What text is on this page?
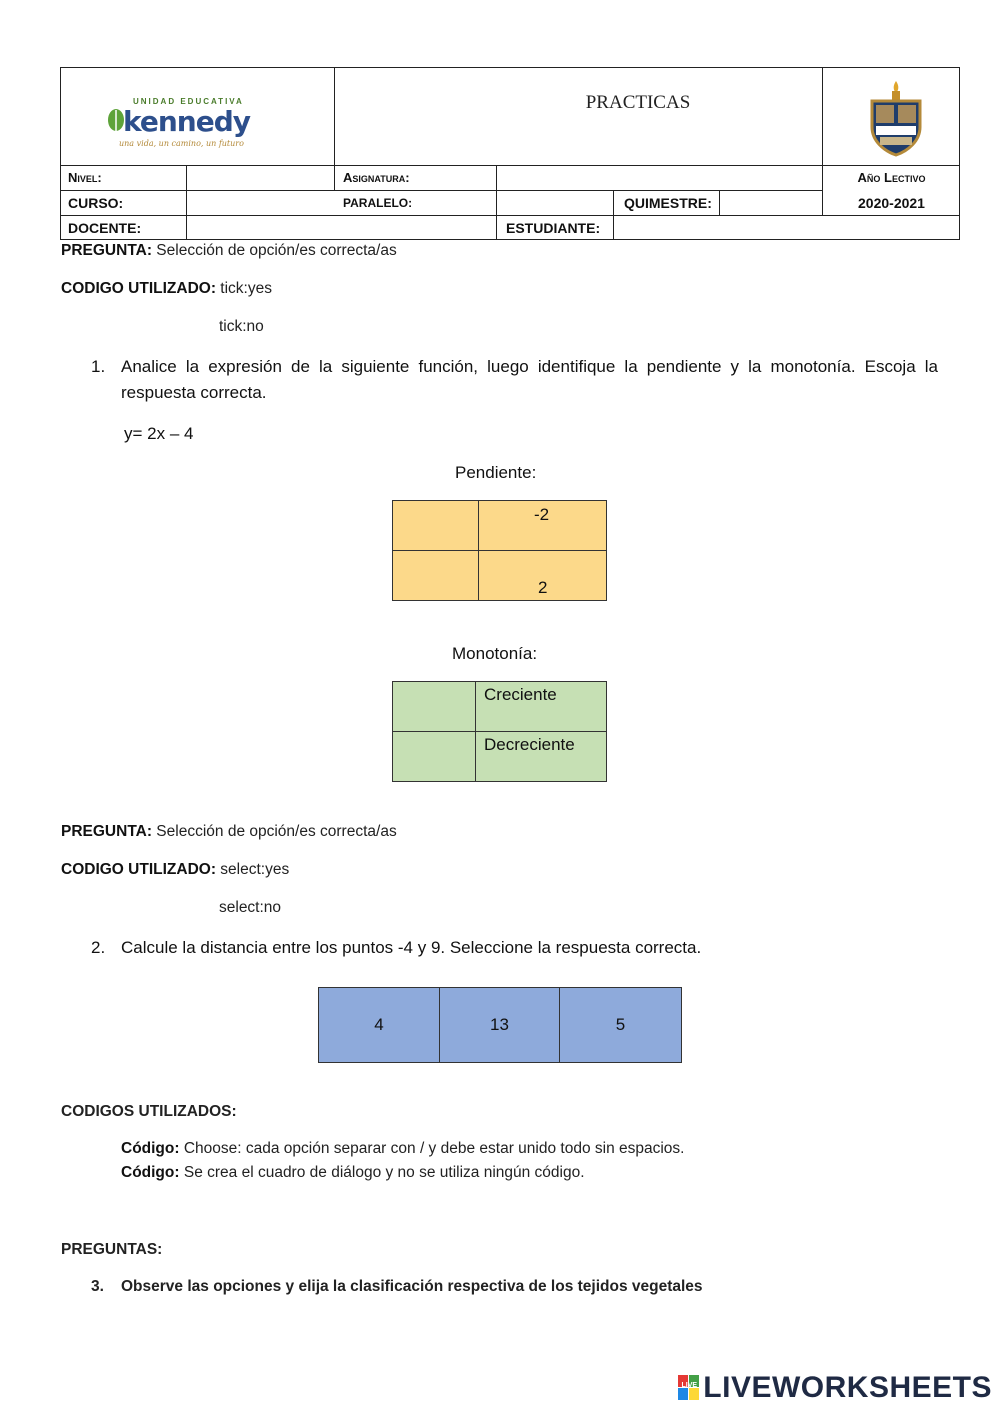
UNIDAD EDUCATIVA
kennedy
una vida, un camino, un futuro
PRACTICAS
Nivel:	Asignatura:	Año Lectivo
CURSO:	PARALELO:	QUIMESTRE:	2020-2021
DOCENTE:	ESTUDIANTE:
PREGUNTA: Selección de opción/es correcta/as
CODIGO UTILIZADO: tick:yes
tick:no
1. Analice la expresión de la siguiente función, luego identifique la pendiente y la monotonía. Escoja la
respuesta correcta.
y= 2x – 4
Pendiente:
-2
2
Monotonía:
Creciente
Decreciente
PREGUNTA: Selección de opción/es correcta/as
CODIGO UTILIZADO: select:yes
select:no
2. Calcule la distancia entre los puntos -4 y 9. Seleccione la respuesta correcta.
4	13	5
CODIGOS UTILIZADOS:
Código: Choose: cada opción separar con / y debe estar unido todo sin espacios.
Código: Se crea el cuadro de diálogo y no se utiliza ningún código.
PREGUNTAS:
3. Observe las opciones y elija la clasificación respectiva de los tejidos vegetales
LIVE LIVEWORKSHEETS
